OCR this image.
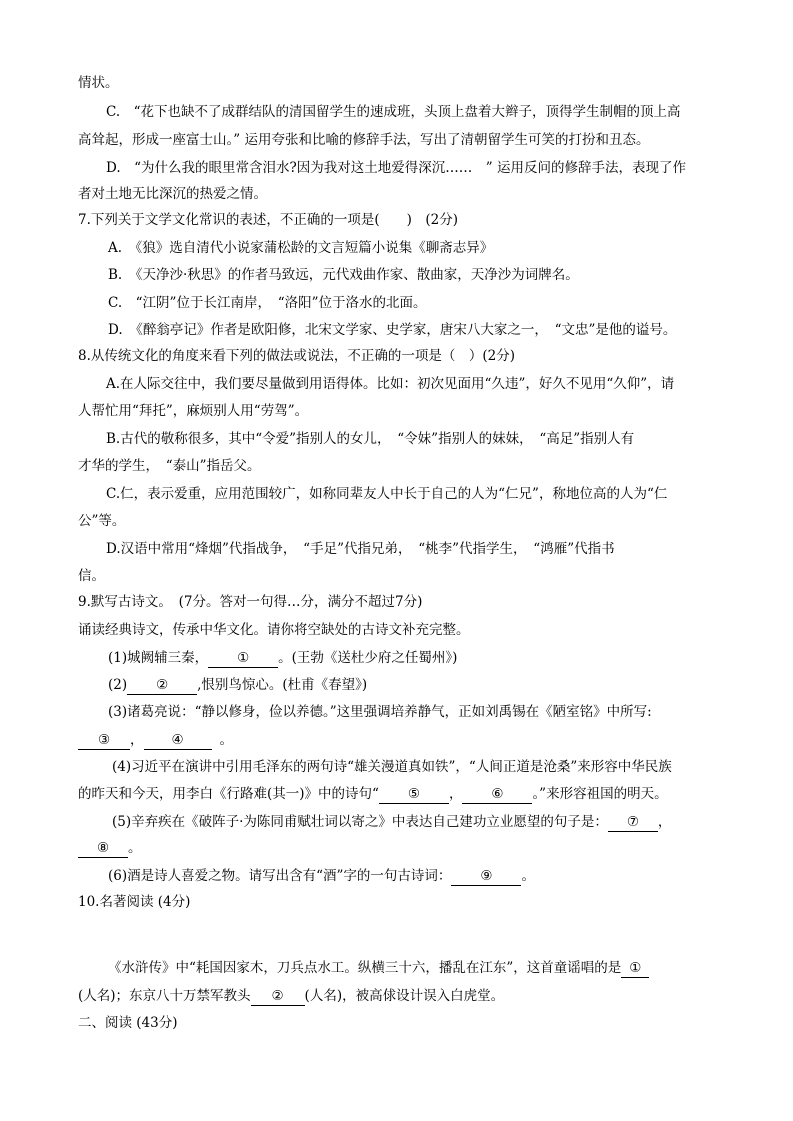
情状。
C.　“花下也缺不了成群结队的清国留学生的速成班，头顶上盘着大辫子，顶得学生制帽的顶上高
高耸起，形成一座富士山。” 运用夸张和比喻的修辞手法，写出了清朝留学生可笑的打扮和丑态。
D.　“为什么我的眼里常含泪水?因为我对这土地爱得深沉……　” 运用反问的修辞手法，表现了作
者对土地无比深沉的热爱之情。
7.下列关于文学文化常识的表述，不正确的一项是(　　)　(2分)
A.　《狼》选自清代小说家蒲松龄的文言短篇小说集《聊斋志异》
B.　《天净沙·秋思》的作者马致远，元代戏曲作家、散曲家，天净沙为词牌名。
C.　“江阴”位于长江南岸，　“洛阳”位于洛水的北面。
D.　《醉翁亭记》作者是欧阳修，北宋文学家、史学家，唐宋八大家之一，　“文忠”是他的谥号。
8.从传统文化的角度来看下列的做法或说法，不正确的一项是（　）(2分)
A.在人际交往中，我们要尽量做到用语得体。比如：初次见面用“久违”，好久不见用“久仰”，请
人帮忙用“拜托”，麻烦别人用“劳驾”。
B.古代的敬称很多，其中“令爱”指别人的女儿，　“令妹”指别人的妹妹，　“高足”指别人有
才华的学生，　“泰山”指岳父。
C.仁，表示爱重，应用范围较广，如称同辈友人中长于自己的人为“仁兄”，称地位高的人为“仁
公”等。
D.汉语中常用“烽烟”代指战争，　“手足”代指兄弟，　“桃李”代指学生，　“鸿雁”代指书
信。
9.默写古诗文。　(7分。答对一句得…分，满分不超过7分)
诵读经典诗文，传承中华文化。请你将空缺处的古诗文补充完整。
(1)城阙辅三秦， ① 。(王勃《送杜少府之任蜀州》)
(2) ② ,恨别鸟惊心。(杜甫《春望》)
(3)诸葛亮说：“静以修身，俭以养德。”这里强调培养静气，正如刘禹锡在《陋室铭》中所写:
③ ， ④	。
(4)习近平在演讲中引用毛泽东的两句诗“雄关漫道真如铁”，“人间正道是沧桑”来形容中华民族
的昨天和今天，用李白《行路难(其一)》中的诗句“ ⑤ ， ⑥ 。”来形容祖国的明天。
(5)辛弃疾在《破阵子·为陈同甫赋壮词以寄之》中表达自己建功立业愿望的句子是： ⑦ ，
⑧ 。
(6)酒是诗人喜爱之物。请写出含有“酒”字的一句古诗词： ⑨ 。
10.名著阅读 (4分)
《水浒传》中“耗国因家木，刀兵点水工。纵横三十六，播乱在江东”，这首童谣唱的是 ①
(人名)；东京八十万禁军教头 ② (人名)，被高俅设计误入白虎堂。
二、阅读 (43分)
